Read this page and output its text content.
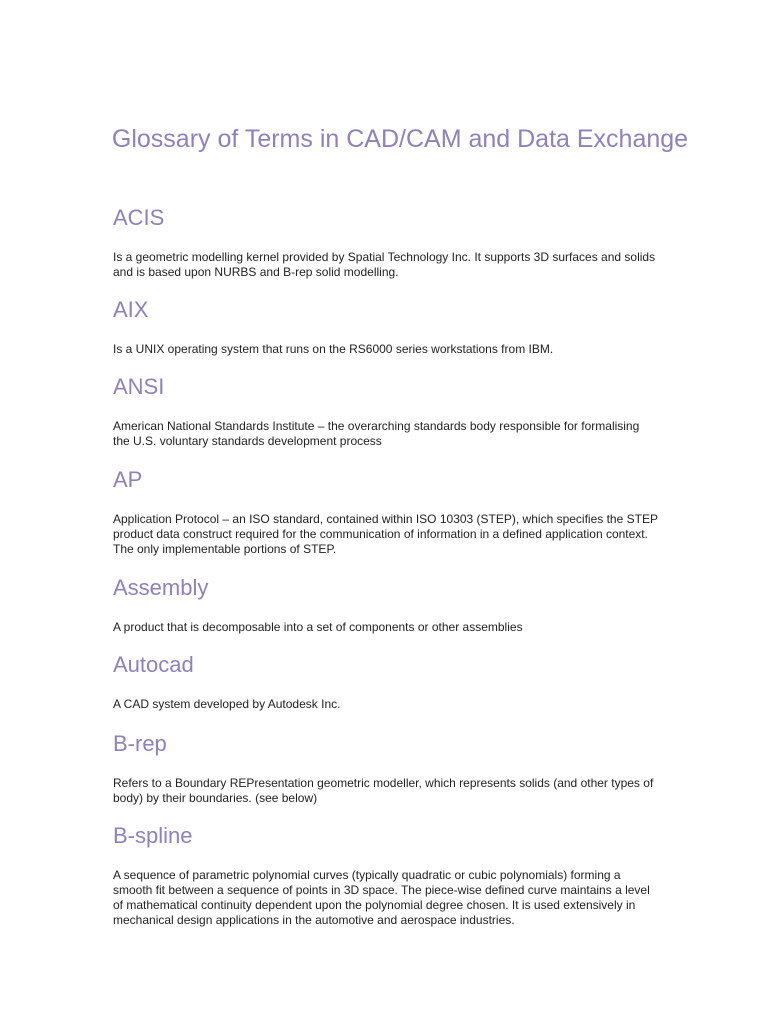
Glossary of Terms in CAD/CAM and Data Exchange
ACIS

Is a geometric modelling kernel provided by Spatial Technology Inc. It supports 3D surfaces and solids and is based upon NURBS and B-rep solid modelling.

AIX

Is a UNIX operating system that runs on the RS6000 series workstations from IBM.

ANSI

American National Standards Institute – the overarching standards body responsible for formalising the U.S. voluntary standards development process

AP

Application Protocol – an ISO standard, contained within ISO 10303 (STEP), which specifies the STEP product data construct required for the communication of information in a defined application context. The only implementable portions of STEP.

Assembly

A product that is decomposable into a set of components or other assemblies

Autocad

A CAD system developed by Autodesk Inc.

B-rep

Refers to a Boundary REPresentation geometric modeller, which represents solids (and other types of body) by their boundaries. (see below)

B-spline

A sequence of parametric polynomial curves (typically quadratic or cubic polynomials) forming a smooth fit between a sequence of points in 3D space. The piece-wise defined curve maintains a level of mathematical continuity dependent upon the polynomial degree chosen. It is used extensively in mechanical design applications in the automotive and aerospace industries.
